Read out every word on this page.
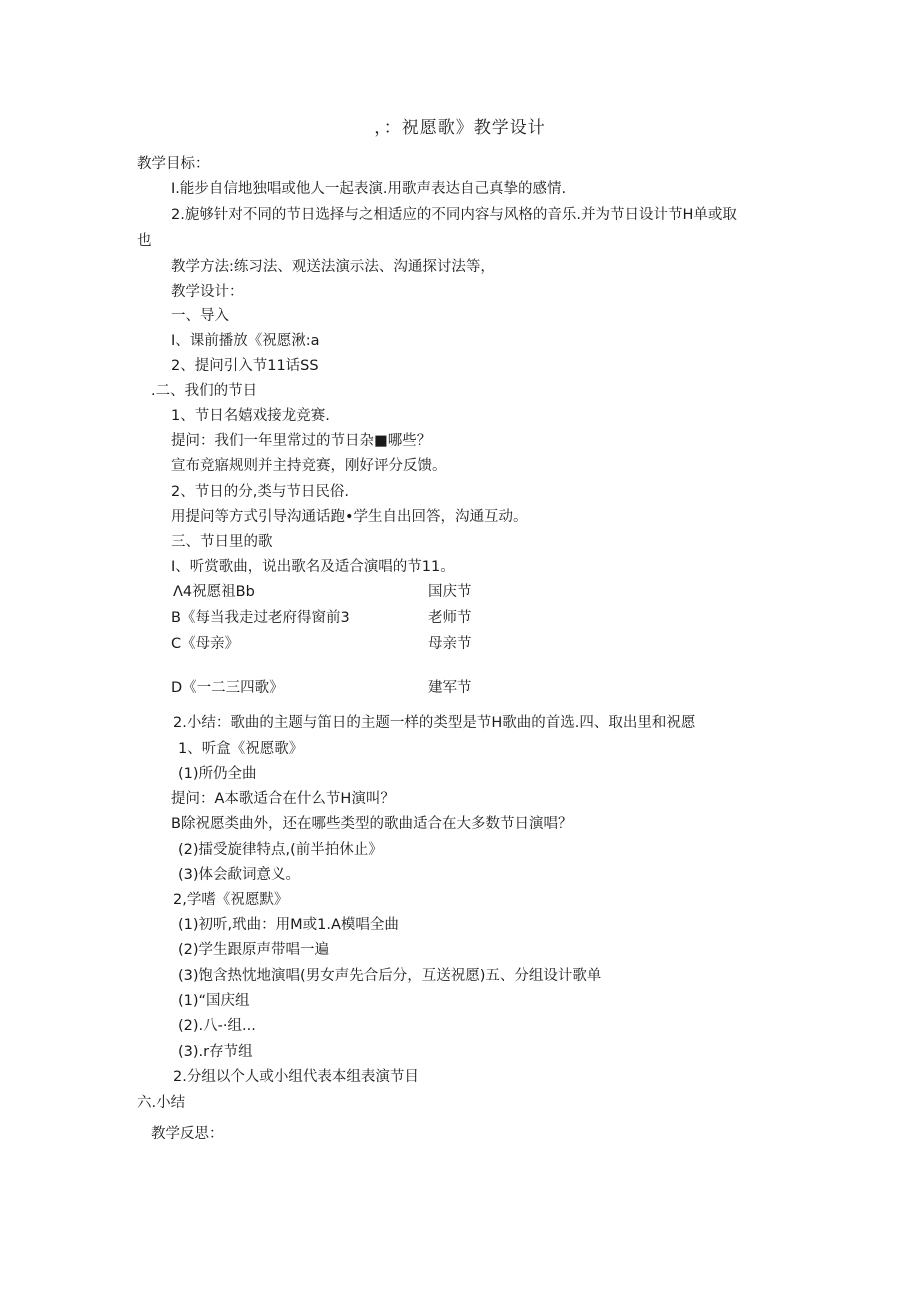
，：祝愿歌》教学设计
教学目标：
I.能步自信地独唱或他人一起表演.用歌声表达自己真挚的感情.
2.旎够针对不同的节日选择与之相适应的不同内容与风格的音乐.并为节日设计节H单或取
也
教学方法:练习法、观送法演示法、沟通探讨法等，
教学设计：
一、导入
I、课前播放《祝愿湫:a
2、提问引入节11话SS
.二、我们的节日
1、节日名嬉戏接龙竞赛.
提问：我们一年里常过的节日杂■哪些？
宣布竞寤规则并主持竞赛，刚好评分反馈。
2、节日的分,类与节日民俗.
用提问等方式引导沟通话跑•学生自出回答，沟通互动。
三、节日里的歌
I、听赏歌曲，说出歌名及适合演唱的节11。
Λ4祝愿祖Bb	国庆节
B《每当我走过老府得窗前3	老师节
C《母亲》	母亲节
D《一二三四歌》	建军节
2.小结：歌曲的主题与笛日的主题一样的类型是节H歌曲的首选.四、取出里和祝愿
1、听盒《祝愿歌》
(1)所仍全曲
提问：A本歌适合在什么节H演叫？
B除祝愿类曲外，还在哪些类型的歌曲适合在大多数节日演唱？
(2)擂受旋律特点,(前半拍休止》
(3)体会歃词意义。
2,学嗜《祝愿默》
(1)初听,玳曲：用M或1.A模唱全曲
(2)学生跟原声带唱一遍
(3)饱含热忱地演唱(男女声先合后分，互送祝愿)五、分组设计歌单
(1)“国庆组
(2).八-·组...
(3).r存节组
2.分组以个人或小组代表本组表演节目
六.小结
教学反思：
